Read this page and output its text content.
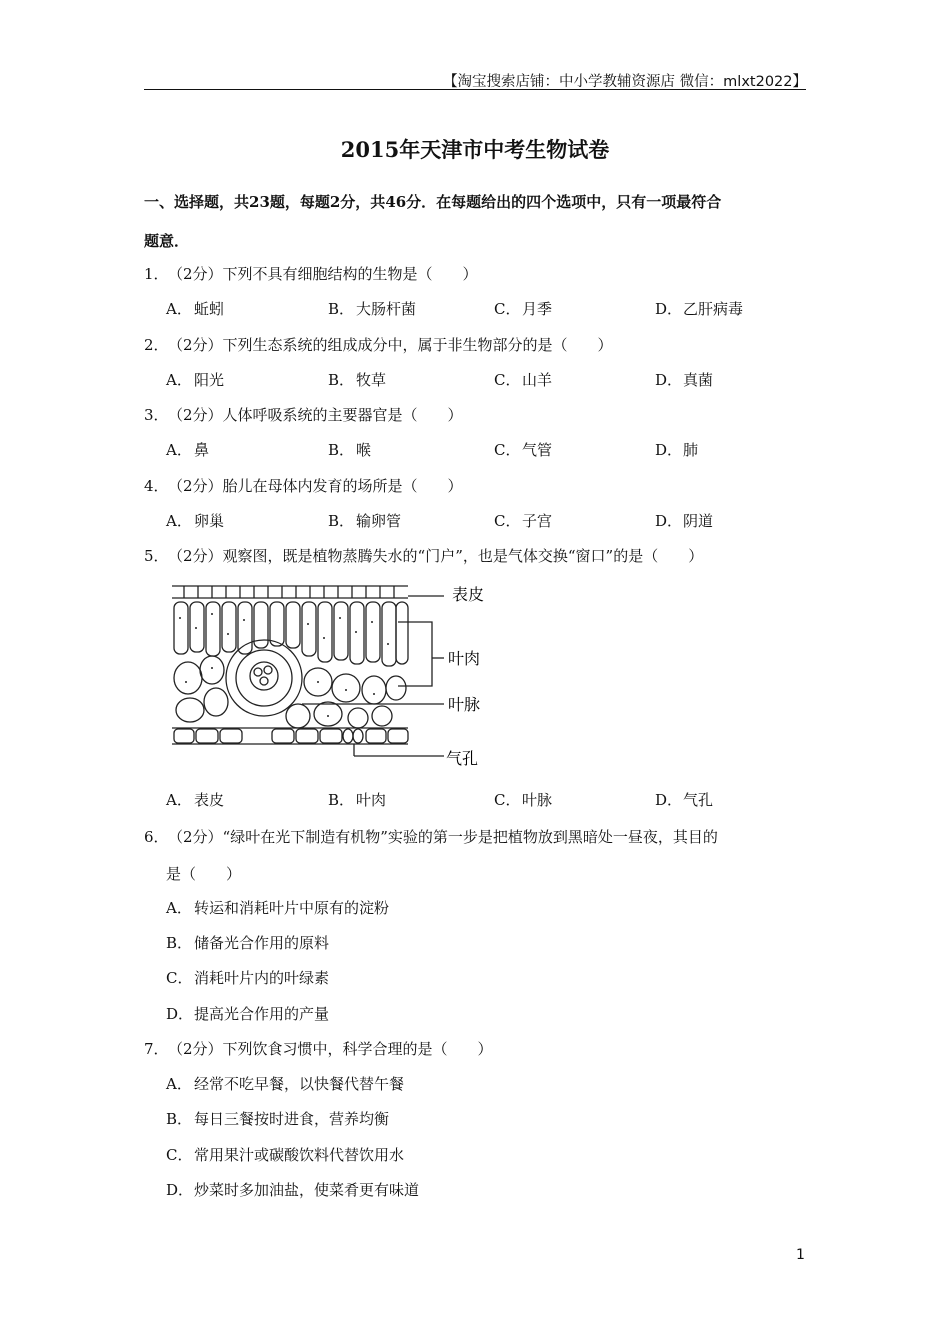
【淘宝搜索店铺：中小学教辅资源店 微信：mlxt2022】
2015年天津市中考生物试卷
一、选择题，共23题，每题2分，共46分．在每题给出的四个选项中，只有一项最符合
题意．
1．（2分）下列不具有细胞结构的生物是（　　）
A． 蚯蚓	B． 大肠杆菌	C． 月季	D．乙肝病毒
2．（2分）下列生态系统的组成成分中，属于非生物部分的是（　　）
A． 阳光	B． 牧草	C． 山羊	D．真菌
3．（2分）人体呼吸系统的主要器官是（　　）
A． 鼻	B． 喉	C． 气管	D．肺
4．（2分）胎儿在母体内发育的场所是（　　）
A． 卵巢	B． 输卵管	C． 子宫	D．阴道
5．（2分）观察图，既是植物蒸腾失水的“门户”，也是气体交换“窗口”的是（　　）
表皮
叶肉
叶脉
气孔
A． 表皮	B． 叶肉	C． 叶脉	D．气孔
6．（2分）“绿叶在光下制造有机物”实验的第一步是把植物放到黑暗处一昼夜，其目的
是（　　）
A． 转运和消耗叶片中原有的淀粉
B． 储备光合作用的原料
C． 消耗叶片内的叶绿素
D．提高光合作用的产量
7．（2分）下列饮食习惯中，科学合理的是（　　）
A． 经常不吃早餐，以快餐代替午餐
B． 每日三餐按时进食，营养均衡
C． 常用果汁或碳酸饮料代替饮用水
D．炒菜时多加油盐，使菜肴更有味道
1
